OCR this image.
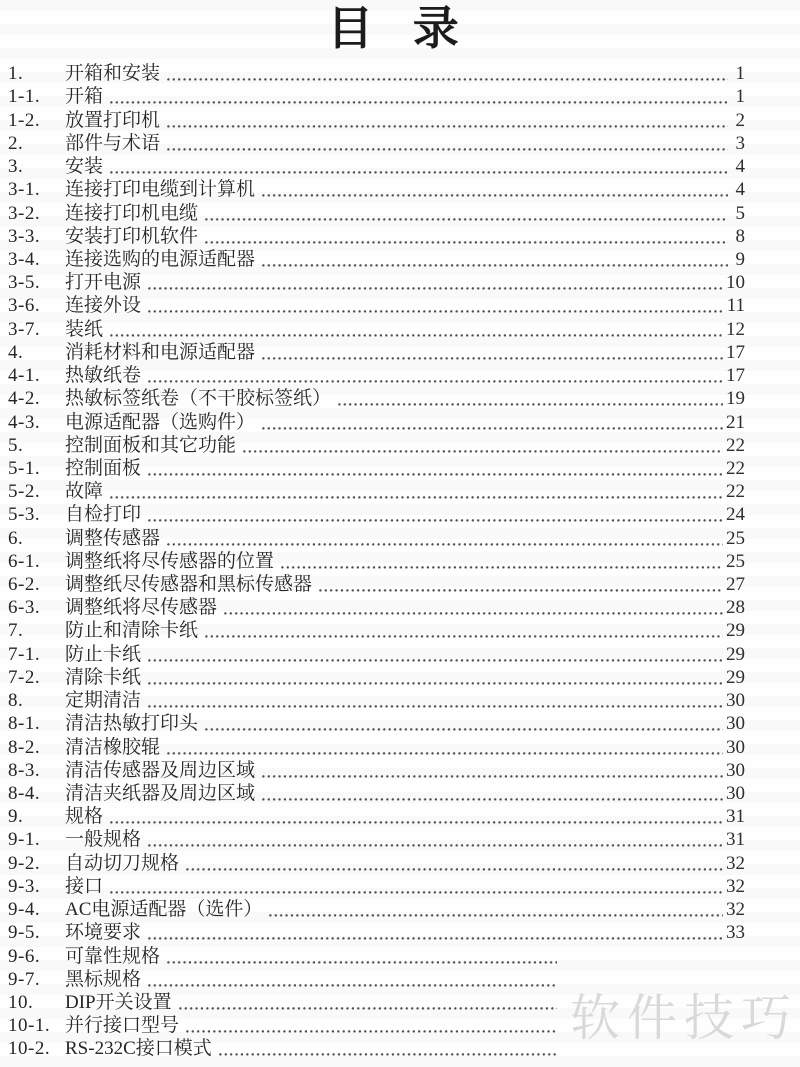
目 录
1.	开箱和安装	1
1-1.	开箱	1
1-2.	放置打印机	2
2.	部件与术语	3
3.	安装	4
3-1.	连接打印电缆到计算机	4
3-2.	连接打印机电缆	5
3-3.	安装打印机软件	8
3-4.	连接选购的电源适配器	9
3-5.	打开电源	10
3-6.	连接外设	11
3-7.	装纸	12
4.	消耗材料和电源适配器	17
4-1.	热敏纸卷	17
4-2.	热敏标签纸卷（不干胶标签纸）	19
4-3.	电源适配器（选购件）	21
5.	控制面板和其它功能	22
5-1.	控制面板	22
5-2.	故障	22
5-3.	自检打印	24
6.	调整传感器	25
6-1.	调整纸将尽传感器的位置	25
6-2.	调整纸尽传感器和黑标传感器	27
6-3.	调整纸将尽传感器	28
7.	防止和清除卡纸	29
7-1.	防止卡纸	29
7-2.	清除卡纸	29
8.	定期清洁	30
8-1.	清洁热敏打印头	30
8-2.	清洁橡胶辊	30
8-3.	清洁传感器及周边区域	30
8-4.	清洁夹纸器及周边区域	30
9.	规格	31
9-1.	一般规格	31
9-2.	自动切刀规格	32
9-3.	接口	32
9-4.	AC电源适配器（选件）	32
9-5.	环境要求	33
9-6.	可靠性规格
9-7.	黑标规格
10.	DIP开关设置
10-1. 并行接口型号
10-2. RS-232C接口模式
软件技巧
